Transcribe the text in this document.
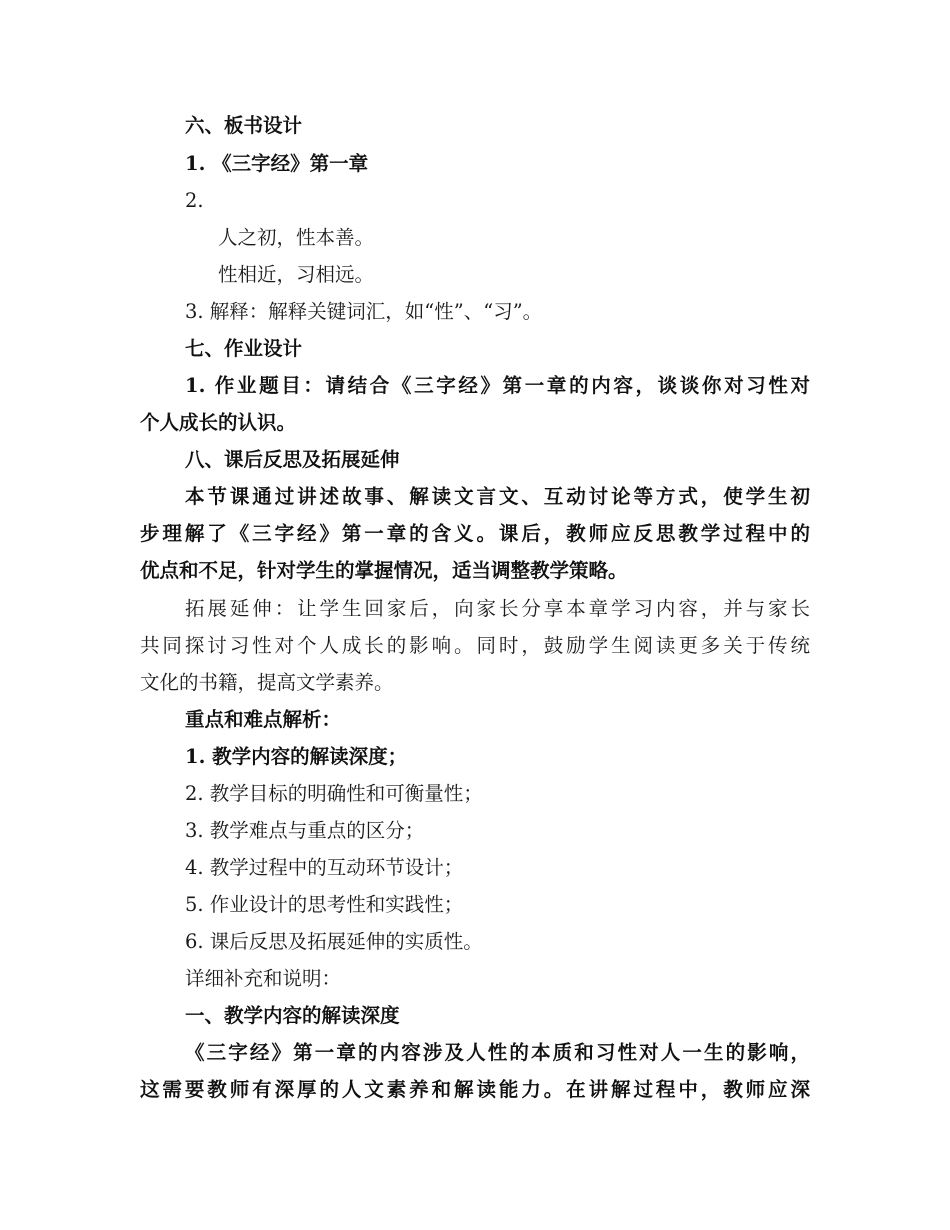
六、板书设计
1. 《三字经》第一章
2.
人之初，性本善。
性相近，习相远。
3. 解释：解释关键词汇，如“性”、“习”。
七、作业设计
1. 作业题目：请结合《三字经》第一章的内容，谈谈你对习性对
个人成长的认识。
八、课后反思及拓展延伸
本节课通过讲述故事、解读文言文、互动讨论等方式，使学生初
步理解了《三字经》第一章的含义。课后，教师应反思教学过程中的
优点和不足，针对学生的掌握情况，适当调整教学策略。
拓展延伸：让学生回家后，向家长分享本章学习内容，并与家长
共同探讨习性对个人成长的影响。同时，鼓励学生阅读更多关于传统
文化的书籍，提高文学素养。
重点和难点解析：
1. 教学内容的解读深度；
2. 教学目标的明确性和可衡量性；
3. 教学难点与重点的区分；
4. 教学过程中的互动环节设计；
5. 作业设计的思考性和实践性；
6. 课后反思及拓展延伸的实质性。
详细补充和说明：
一、教学内容的解读深度
《三字经》第一章的内容涉及人性的本质和习性对人一生的影响，
这需要教师有深厚的人文素养和解读能力。在讲解过程中，教师应深
